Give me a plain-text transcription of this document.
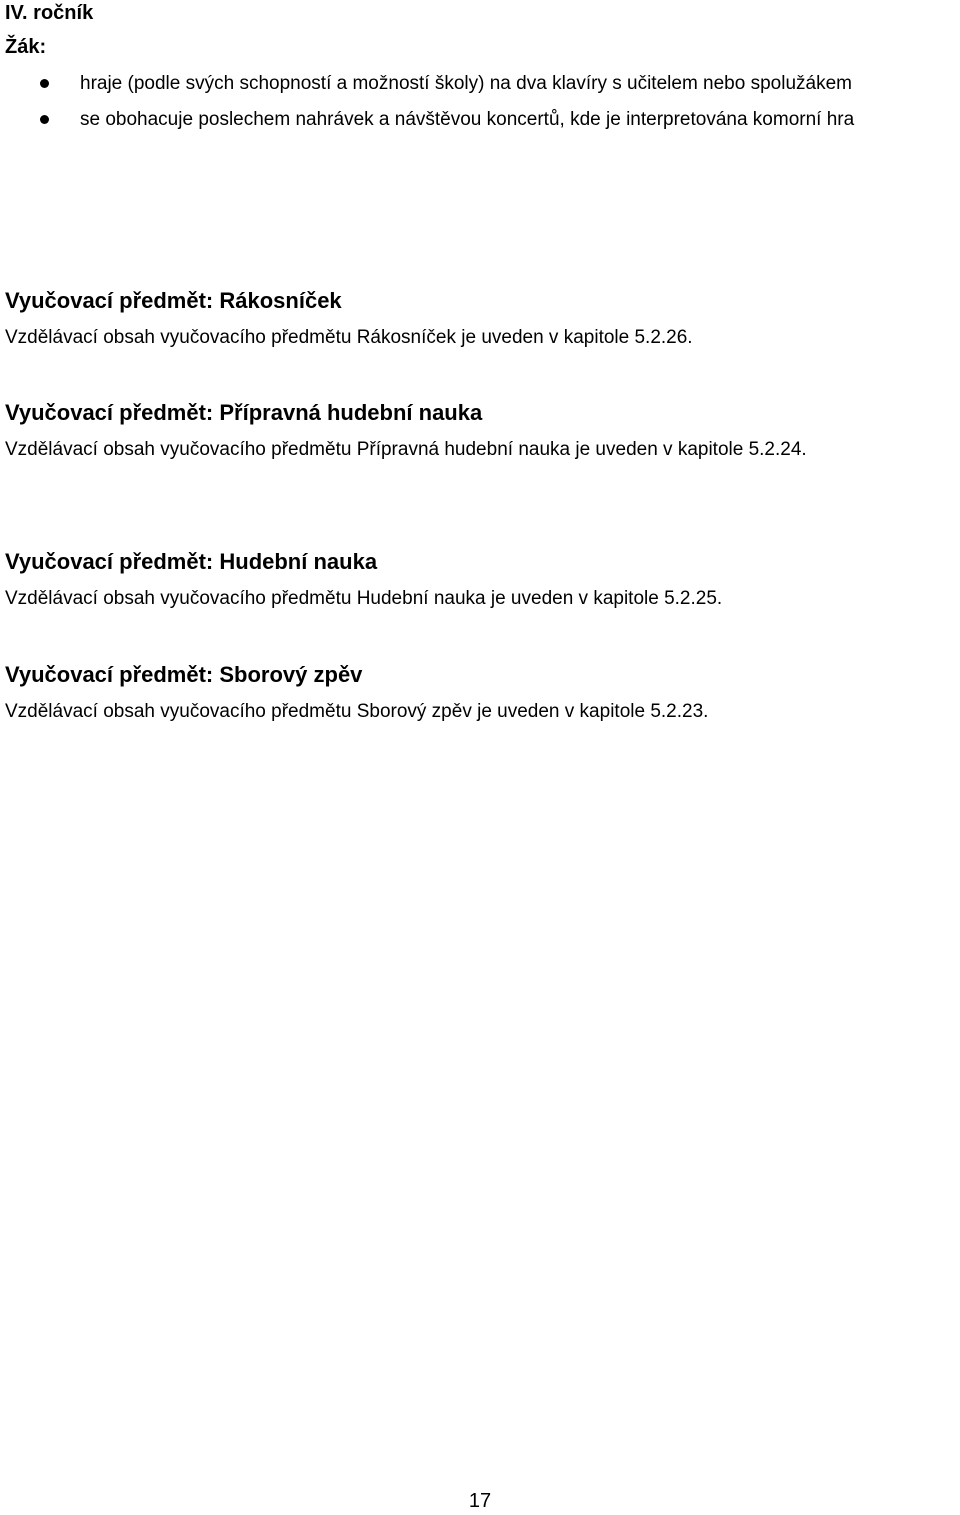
IV. ročník
Žák:
hraje (podle svých schopností a možností školy) na dva klavíry s učitelem nebo spolužákem
se obohacuje poslechem nahrávek a návštěvou koncertů, kde je interpretována komorní hra
Vyučovací předmět: Rákosníček

Vzdělávací obsah vyučovacího předmětu Rákosníček je uveden v kapitole 5.2.26.

Vyučovací předmět: Přípravná hudební nauka

Vzdělávací obsah vyučovacího předmětu Přípravná hudební nauka je uveden v kapitole 5.2.24.

Vyučovací předmět: Hudební nauka

Vzdělávací obsah vyučovacího předmětu Hudební nauka je uveden v kapitole 5.2.25.

Vyučovací předmět: Sborový zpěv

Vzdělávací obsah vyučovacího předmětu Sborový zpěv je uveden v kapitole 5.2.23.

17
